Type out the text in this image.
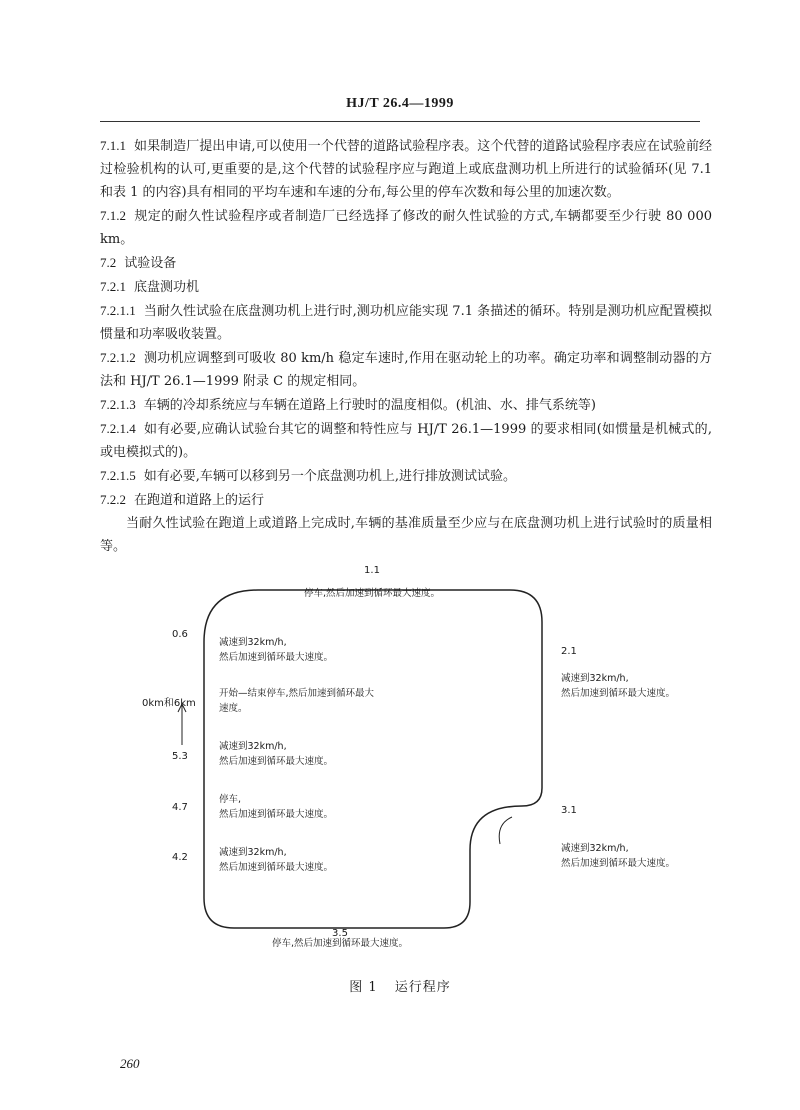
HJ/T 26.4—1999

7.1.1 如果制造厂提出申请,可以使用一个代替的道路试验程序表。这个代替的道路试验程序表应在试验前经过检验机构的认可,更重要的是,这个代替的试验程序应与跑道上或底盘测功机上所进行的试验循环(见 7.1 和表 1 的内容)具有相同的平均车速和车速的分布,每公里的停车次数和每公里的加速次数。

7.1.2 规定的耐久性试验程序或者制造厂已经选择了修改的耐久性试验的方式,车辆都要至少行驶 80 000 km。

7.2 试验设备

7.2.1 底盘测功机

7.2.1.1 当耐久性试验在底盘测功机上进行时,测功机应能实现 7.1 条描述的循环。特别是测功机应配置模拟惯量和功率吸收装置。

7.2.1.2 测功机应调整到可吸收 80 km/h 稳定车速时,作用在驱动轮上的功率。确定功率和调整制动器的方法和 HJ/T 26.1—1999 附录 C 的规定相同。

7.2.1.3 车辆的冷却系统应与车辆在道路上行驶时的温度相似。(机油、水、排气系统等)

7.2.1.4 如有必要,应确认试验台其它的调整和特性应与 HJ/T 26.1—1999 的要求相同(如惯量是机械式的,或电模拟式的)。

7.2.1.5 如有必要,车辆可以移到另一个底盘测功机上,进行排放测试试验。

7.2.2 在跑道和道路上的运行

当耐久性试验在跑道上或道路上完成时,车辆的基准质量至少应与在底盘测功机上进行试验时的质量相等。

1.1
停车,然后加速到循环最大速度。
0.6
减速到32km/h,
然后加速到循环最大速度。
0km和6km
开始—结束停车,然后加速到循环最大
速度。
5.3
减速到32km/h,
然后加速到循环最大速度。
4.7
停车,
然后加速到循环最大速度。
4.2	减速到32km/h,
然后加速到循环最大速度。
2.1
减速到32km/h,
然后加速到循环最大速度。
3.1
减速到32km/h,
然后加速到循环最大速度。
3.5
停车,然后加速到循环最大速度。
图 1 运行程序
260
